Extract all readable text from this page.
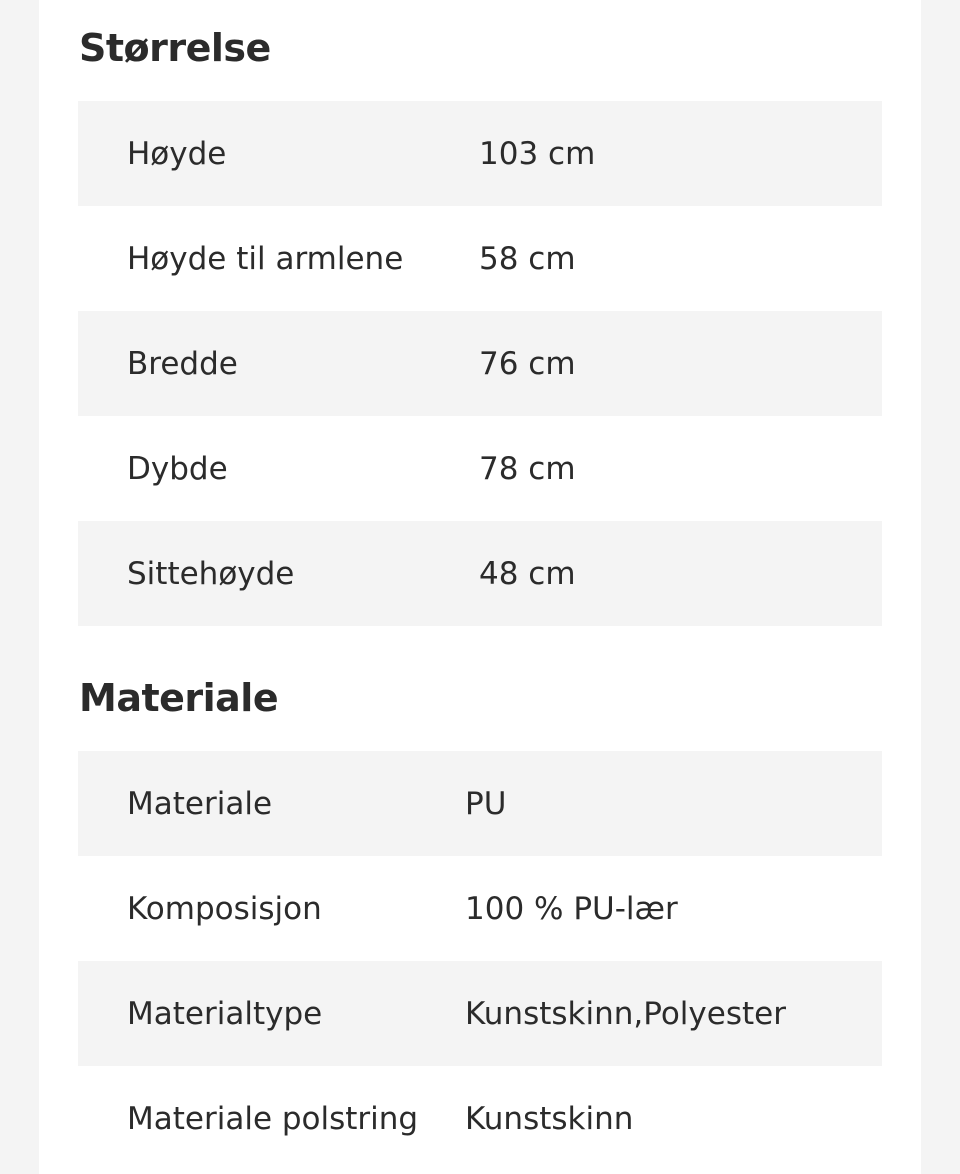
Størrelse
Høyde	103 cm
Høyde til armlene	58 cm
Bredde	76 cm
Dybde	78 cm
Sittehøyde	48 cm
Materiale
Materiale	PU
Komposisjon	100 % PU-lær
Materialtype	Kunstskinn,Polyester
Materiale polstring	Kunstskinn
